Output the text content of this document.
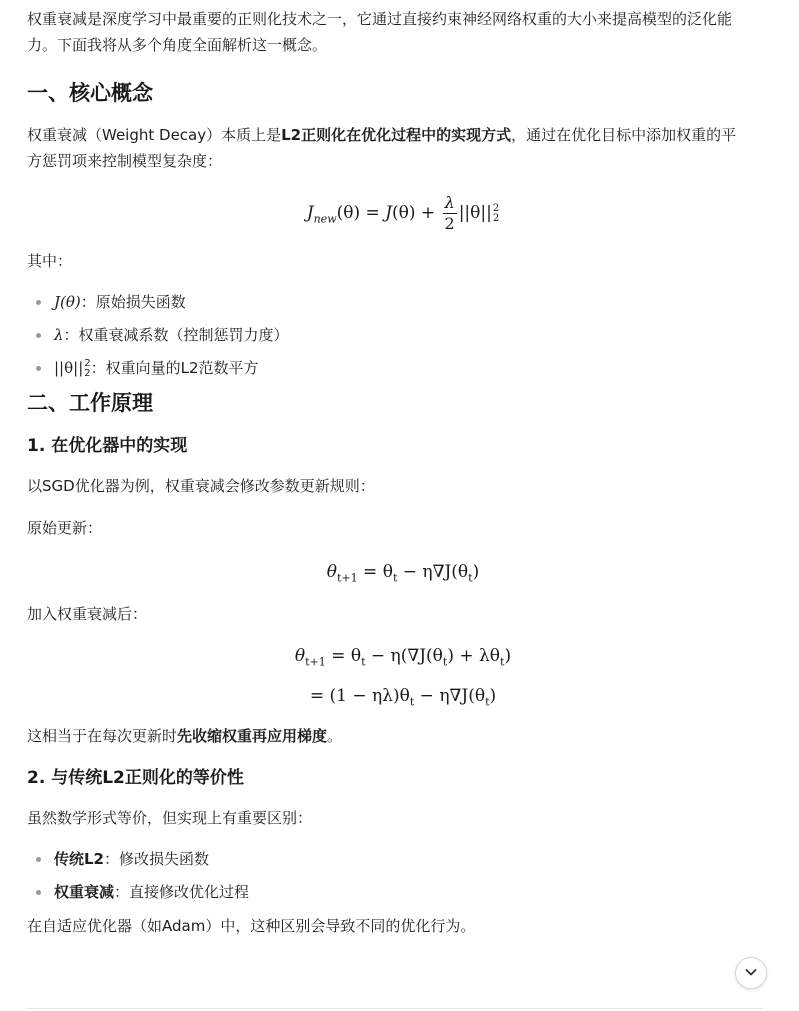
权重衰减是深度学习中最重要的正则化技术之一，它通过直接约束神经网络权重的大小来提高模型的泛化能
力。下面我将从多个角度全面解析这一概念。

一、核心概念

权重衰减（Weight Decay）本质上是L2正则化在优化过程中的实现方式，通过在优化目标中添加权重的平
方惩罚项来控制模型复杂度：

$J_{new}(\theta) = J(\theta) + \frac{\lambda}{2} ||\theta||$ 2
2

其中：

J(θ)：原始损失函数
λ：权重衰减系数（控制惩罚力度）
||θ|| 2
2 ：权重向量的L2范数平方
二、工作原理
1. 在优化器中的实现

以SGD优化器为例，权重衰减会修改参数更新规则：

原始更新：

$\theta_{t+1} = \theta_t - \eta\nabla J(\theta_t)$

加入权重衰减后：

$\theta_{t+1} = \theta_t - \eta(\nabla J(\theta_t) + \lambda\theta_t)$
= $(1 - \eta\lambda)\theta_t - \eta\nabla J(\theta_t)$

这相当于在每次更新时先收缩权重再应用梯度。

2. 与传统L2正则化的等价性

虽然数学形式等价，但实现上有重要区别：

传统L2：修改损失函数
权重衰减：直接修改优化过程

在自适应优化器（如Adam）中，这种区别会导致不同的优化行为。
